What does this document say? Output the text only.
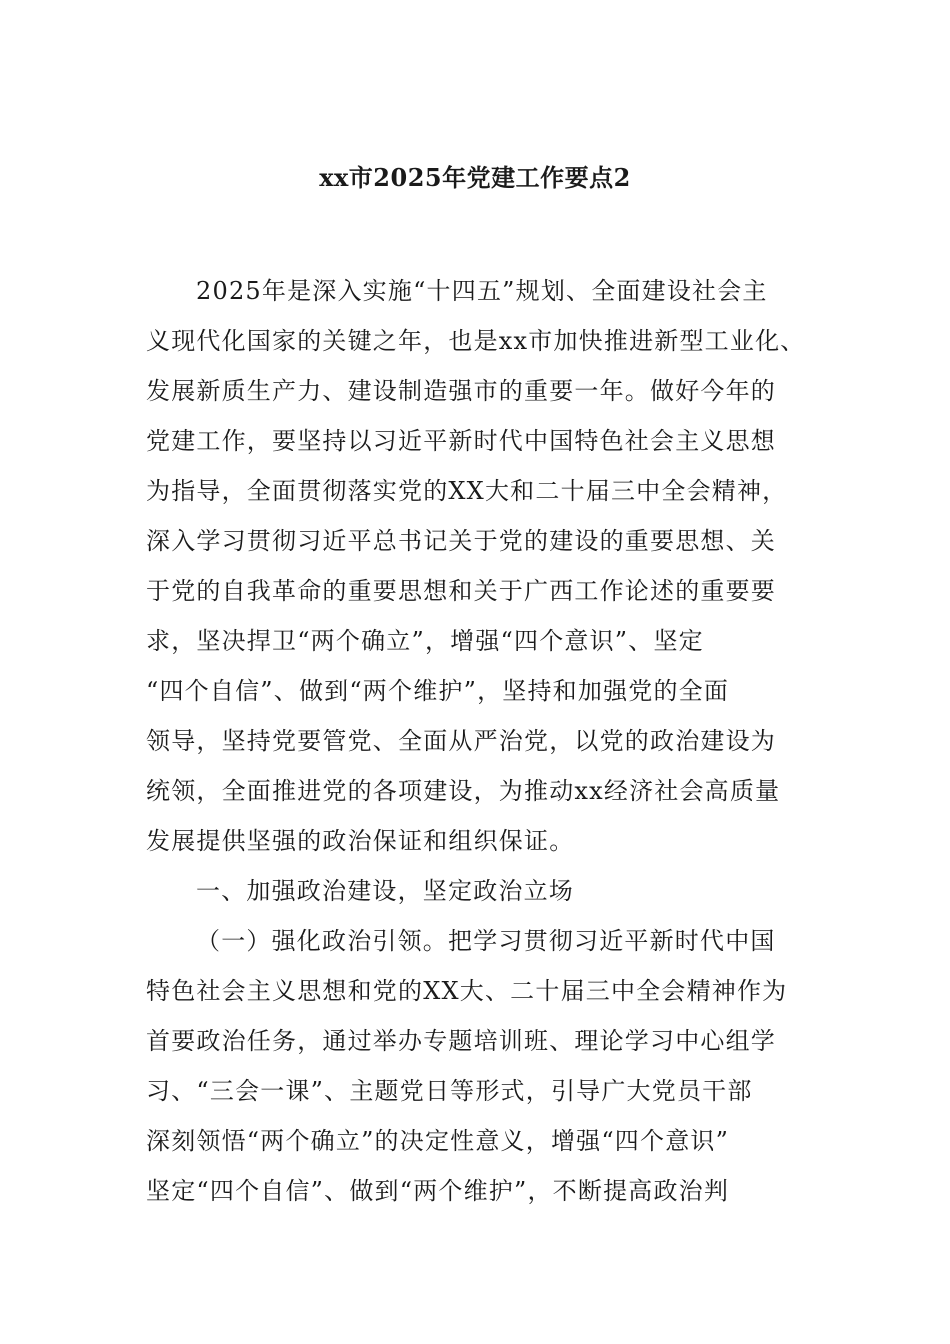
xx市2025年党建工作要点2
2025年是深入实施“十四五”规划、全面建设社会主
义现代化国家的关键之年，也是xx市加快推进新型工业化、
发展新质生产力、建设制造强市的重要一年。做好今年的
党建工作，要坚持以习近平新时代中国特色社会主义思想
为指导，全面贯彻落实党的XX大和二十届三中全会精神，
深入学习贯彻习近平总书记关于党的建设的重要思想、关
于党的自我革命的重要思想和关于广西工作论述的重要要
求，坚决捍卫“两个确立”，增强“四个意识”、坚定
“四个自信”、做到“两个维护”，坚持和加强党的全面
领导，坚持党要管党、全面从严治党，以党的政治建设为
统领，全面推进党的各项建设，为推动xx经济社会高质量
发展提供坚强的政治保证和组织保证。
一、加强政治建设，坚定政治立场
（一）强化政治引领。把学习贯彻习近平新时代中国
特色社会主义思想和党的XX大、二十届三中全会精神作为
首要政治任务，通过举办专题培训班、理论学习中心组学
习、“三会一课”、主题党日等形式，引导广大党员干部
深刻领悟“两个确立”的决定性意义，增强“四个意识”
坚定“四个自信”、做到“两个维护”，不断提高政治判
